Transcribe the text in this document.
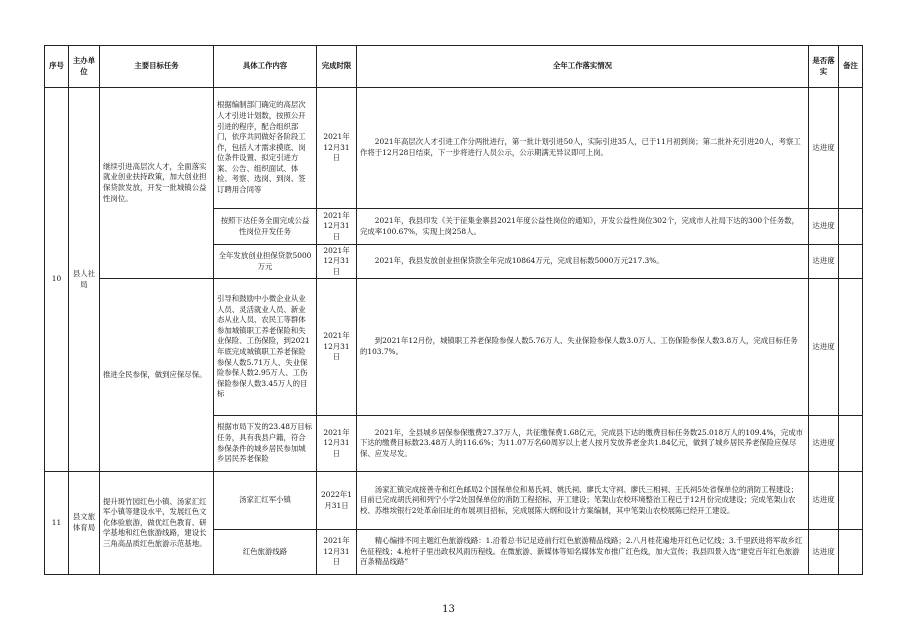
序号	主办单位	主要目标任务	具体工作内容	完成时限	全年工作落实情况	是否落实	备注
10	县人社局	继续引进高层次人才，全面落实就业创业扶持政策，加大创业担保贷款发放，开发一批城镇公益性岗位。	根据编制部门确定的高层次人才引进计划数，按照公开引进的程序，配合组织部门，依序共同做好各阶段工作，包括人才需求摸底、岗位条件设置、拟定引进方案、公告、组织面试、体检、考察、选岗、到岗、签订聘用合同等	2021年12月31日	2021年高层次人才引进工作分两批进行，第一批计划引进50人，实际引进35人，已于11月初到岗；第二批补充引进20人，考察工作将于12月28日结束，下一步将进行人员公示，公示期满无异议即可上岗。	达进度	
			按照下达任务全面完成公益性岗位开发任务	2021年12月31日	2021年，我县印发《关于征集金寨县2021年度公益性岗位的通知》，开发公益性岗位302个，完成市人社局下达的300个任务数，完成率100.67%，实现上岗258人。	达进度	
			全年发放创业担保贷款5000万元	2021年12月31日	2021年，我县发放创业担保贷款全年完成10864万元，完成目标数5000万元217.3%。	达进度	
		推进全民参保，做到应保尽保。	引导和鼓励中小微企业从业人员、灵活就业人员、新业态从业人员、农民工等群体参加城镇职工养老保险和失业保险、工伤保险，到2021年底完成城镇职工养老保险参保人数5.71万人、失业保险参保人数2.95万人、工伤保险参保人数3.45万人的目标	2021年12月31日	到2021年12月份，城镇职工养老保险参保人数5.76万人、失业保险参保人数3.0万人、工伤保险参保人数3.8万人，完成目标任务的103.7%。	达进度	
			根据市局下发的23.48万目标任务，具有我县户籍，符合参保条件的城乡居民参加城乡居民养老保险	2021年12月31日	2021年，全县城乡居保参保缴费27.37万人，共征缴保费1.68亿元，完成县下达的缴费目标任务数25.018万人的109.4%，完成市下达的缴费目标数23.48万人的116.6%；为11.07万名60周岁以上老人按月发放养老金共1.84亿元，做到了城乡居民养老保险应保尽保、应发尽发。	达进度	
11	县文旅体育局	提升斑竹园红色小镇、汤家汇红军小镇等建设水平，发展红色文化体验旅游，做优红色教育、研学基地和红色旅游线路，建设长三角高品质红色旅游示范基地。	汤家汇红军小镇	2022年1月31日	汤家汇镇完成接善寺和红色邮局2个国保单位和易氏祠、姚氏祠、廖氏太守祠、廖氏三相祠、王氏祠5处省保单位的消防工程建设；目前已完成胡氏祠和列宁小学2处国保单位的消防工程招标，开工建设；笔架山农校环境整治工程已于12月份完成建设；完成笔架山农校、苏维埃银行2处革命旧址的布展项目招标，完成展陈大纲和设计方案编制，其中笔架山农校展陈已经开工建设。	达进度	
			红色旅游线路	2021年12月31日	精心编排不同主题红色旅游线路：1.沿着总书记足迹前行红色旅游精品线路；2.八月桂花遍地开红色记忆线；3.千里跃进将军故乡红色征程线；4.枪杆子里出政权风雨历程线。在微旅游、新媒体等知名媒体发布推广红色线，加大宣传；我县四景入选“建党百年红色旅游百条精品线路”	达进度	
13
